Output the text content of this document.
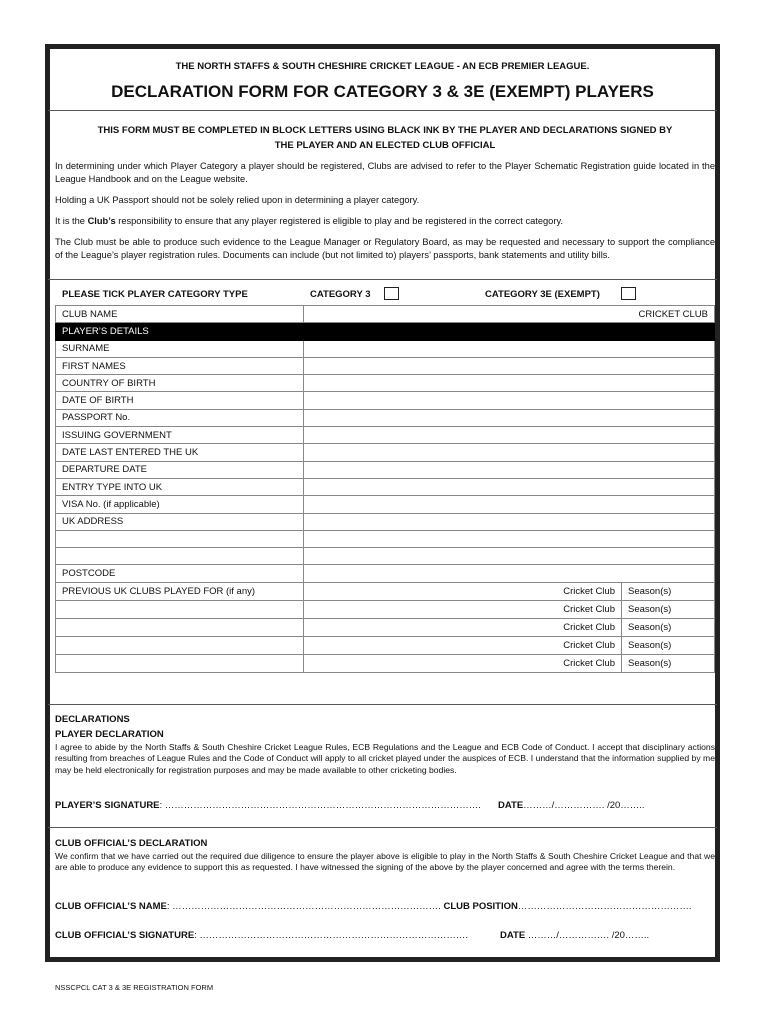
THE NORTH STAFFS & SOUTH CHESHIRE CRICKET LEAGUE - AN ECB PREMIER LEAGUE.
DECLARATION FORM FOR CATEGORY 3 & 3E (EXEMPT) PLAYERS
THIS FORM MUST BE COMPLETED IN BLOCK LETTERS USING BLACK INK BY THE PLAYER AND DECLARATIONS SIGNED BY
THE PLAYER AND AN ELECTED CLUB OFFICIAL
In determining under which Player Category a player should be registered, Clubs are advised to refer to the Player Schematic Registration guide located in the League Handbook and on the League website.
Holding a UK Passport should not be solely relied upon in determining a player category.
It is the Club’s responsibility to ensure that any player registered is eligible to play and be registered in the correct category.
The Club must be able to produce such evidence to the League Manager or Regulatory Board, as may be requested and necessary to support the compliance of the League’s player registration rules. Documents can include (but not limited to) players’ passports, bank statements and utility bills.
PLEASE TICK PLAYER CATEGORY TYPE	CATEGORY 3	CATEGORY 3E (EXEMPT)
CLUB NAME	CRICKET CLUB
PLAYER’S DETAILS	
SURNAME	
FIRST NAMES	
COUNTRY OF BIRTH	
DATE OF BIRTH	
PASSPORT No.	
ISSUING GOVERNMENT	
DATE LAST ENTERED THE UK	
DEPARTURE DATE	
ENTRY TYPE INTO UK	
VISA No. (if applicable)	
UK ADDRESS	

POSTCODE	
PREVIOUS UK CLUBS PLAYED FOR (if any)	Cricket Club Season(s)
	Cricket Club Season(s)
	Cricket Club Season(s)
	Cricket Club Season(s)
	Cricket Club Season(s)
DECLARATIONS
PLAYER DECLARATION
I agree to abide by the North Staffs & South Cheshire Cricket League Rules, ECB Regulations and the League and ECB Code of Conduct. I accept that disciplinary actions resulting from breaches of League Rules and the Code of Conduct will apply to all cricket played under the auspices of ECB. I understand that the information supplied by me may be held electronically for registration purposes and may be made available to other cricketing bodies.
PLAYER’S SIGNATURE: ………………………………………………………………………………………. DATE………/……………. /20……..
CLUB OFFICIAL’S DECLARATION
We confirm that we have carried out the required due diligence to ensure the player above is eligible to play in the North Staffs & South Cheshire Cricket League and that we are able to produce any evidence to support this as requested. I have witnessed the signing of the above by the player concerned and agree with the terms therein.
CLUB OFFICIAL’S NAME: …………………………………………………………………………. CLUB POSITION……………………………………………….
CLUB OFFICIAL’S SIGNATURE: ………………………………………………………………………….	DATE ………/……………. /20……..
NSSCPCL CAT 3 & 3E REGISTRATION FORM
